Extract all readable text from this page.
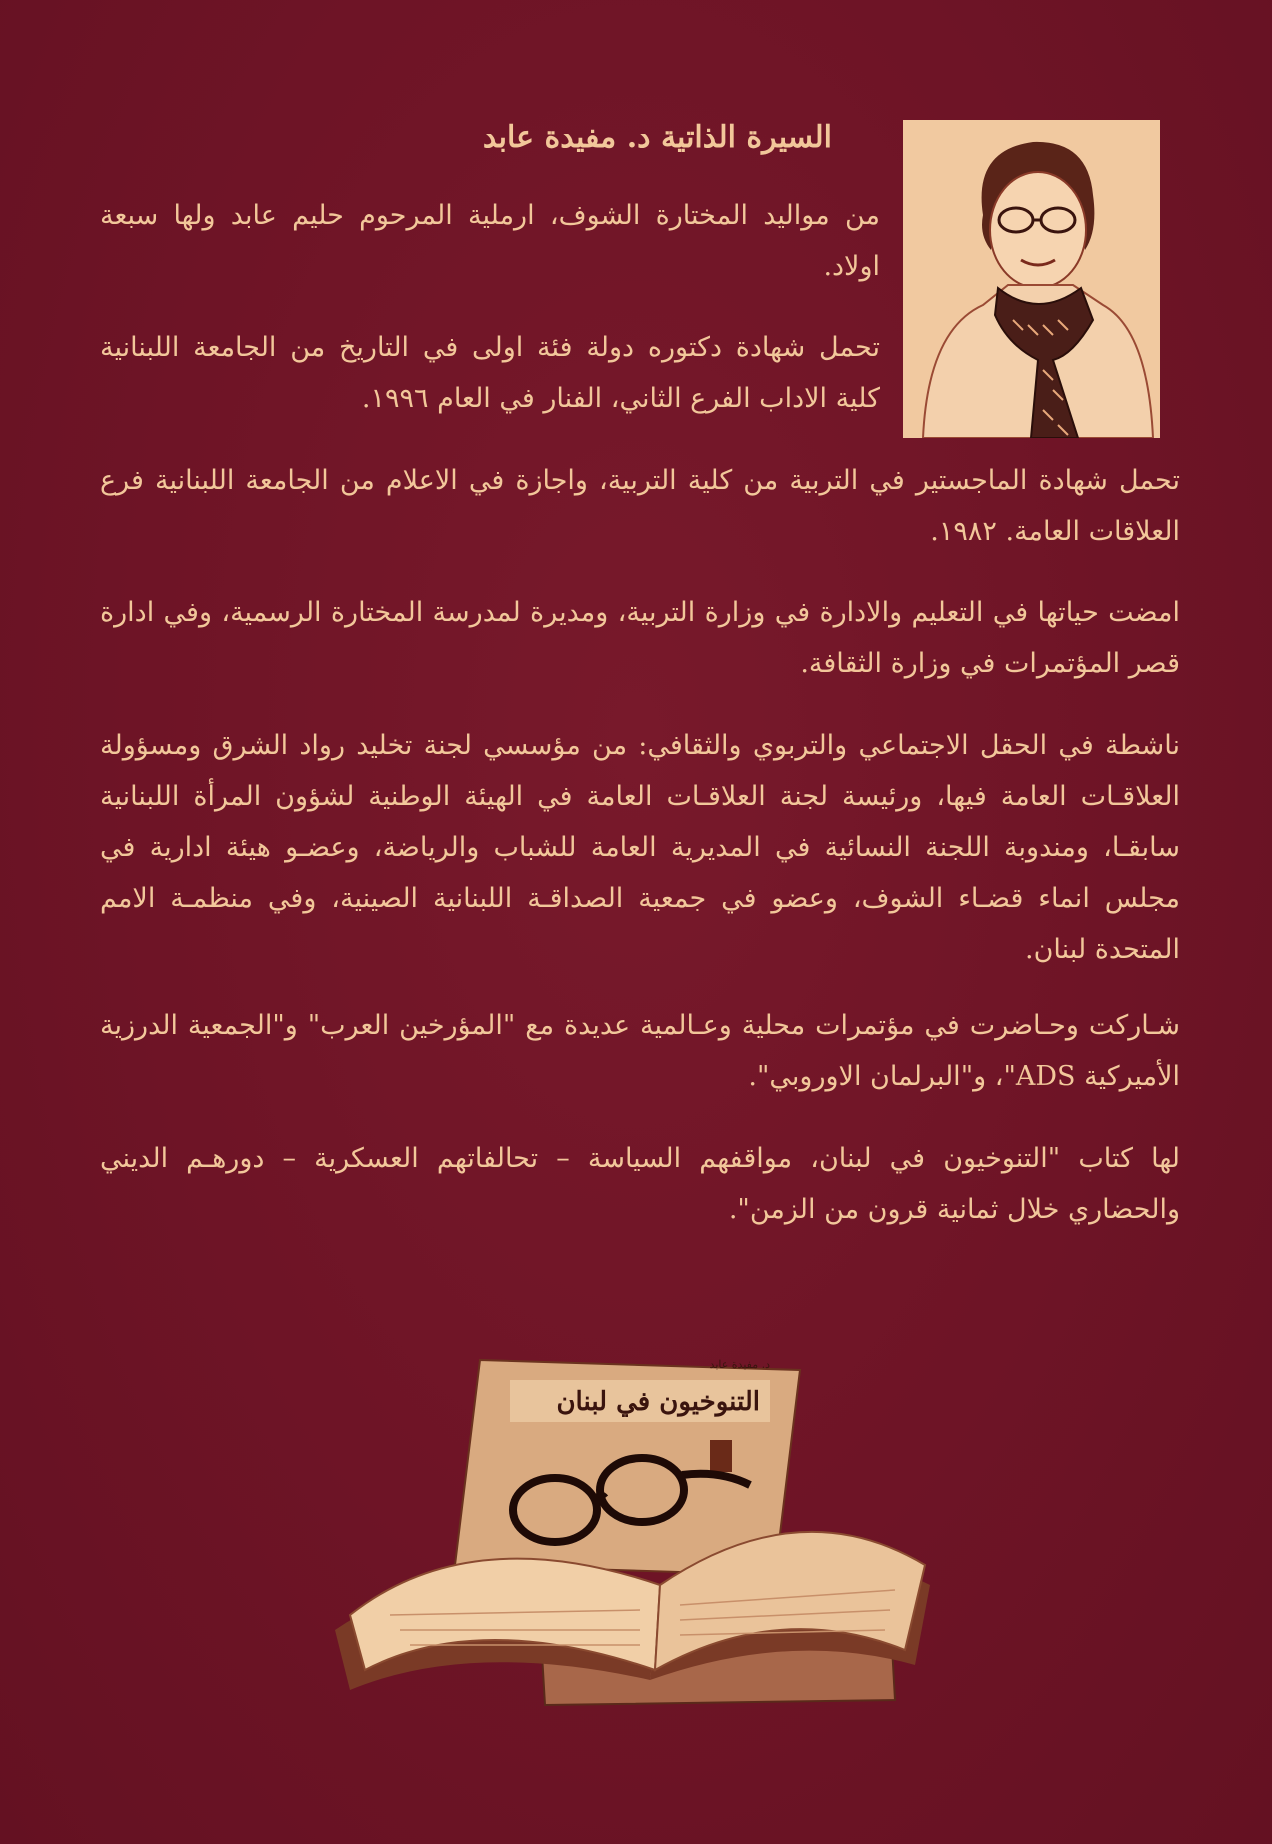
السيرة الذاتية د. مفيدة عابد
من مواليد المختارة الشوف، ارملية المرحوم حليم عابد ولها سبعة اولاد.
تحمل شهادة دكتوره دولة فئة اولى في التاريخ من الجامعة اللبنانية كلية الاداب الفرع الثاني، الفنار في العام ١٩٩٦.
تحمل شهادة الماجستير في التربية من كلية التربية، واجازة في الاعلام من الجامعة اللبنانية فرع العلاقات العامة. ١٩٨٢.
امضت حياتها في التعليم والادارة في وزارة التربية، ومديرة لمدرسة المختارة الرسمية، وفي ادارة قصر المؤتمرات في وزارة الثقافة.
ناشطة في الحقل الاجتماعي والتربوي والثقافي: من مؤسسي لجنة تخليد رواد الشرق ومسؤولة العلاقـات العامة فيها، ورئيسة لجنة العلاقـات العامة في الهيئة الوطنية لشؤون المرأة اللبنانية سابقـا، ومندوبة اللجنة النسائية في المديرية العامة للشباب والرياضة، وعضـو هيئة ادارية في مجلس انماء قضـاء الشوف، وعضو في جمعية الصداقـة اللبنانية الصينية، وفي منظمـة الامم المتحدة لبنان.
شـاركت وحـاضرت في مؤتمرات محلية وعـالمية عديدة مع "المؤرخين العرب" و"الجمعية الدرزية الأميركية ADS"، و"البرلمان الاوروبي".
لها كتاب "التنوخيون في لبنان، مواقفهم السياسة – تحالفاتهم العسكرية – دورهـم الديني والحضاري خلال ثمانية قرون من الزمن".
د. مفيدة عابد
التنوخيون في لبنان
